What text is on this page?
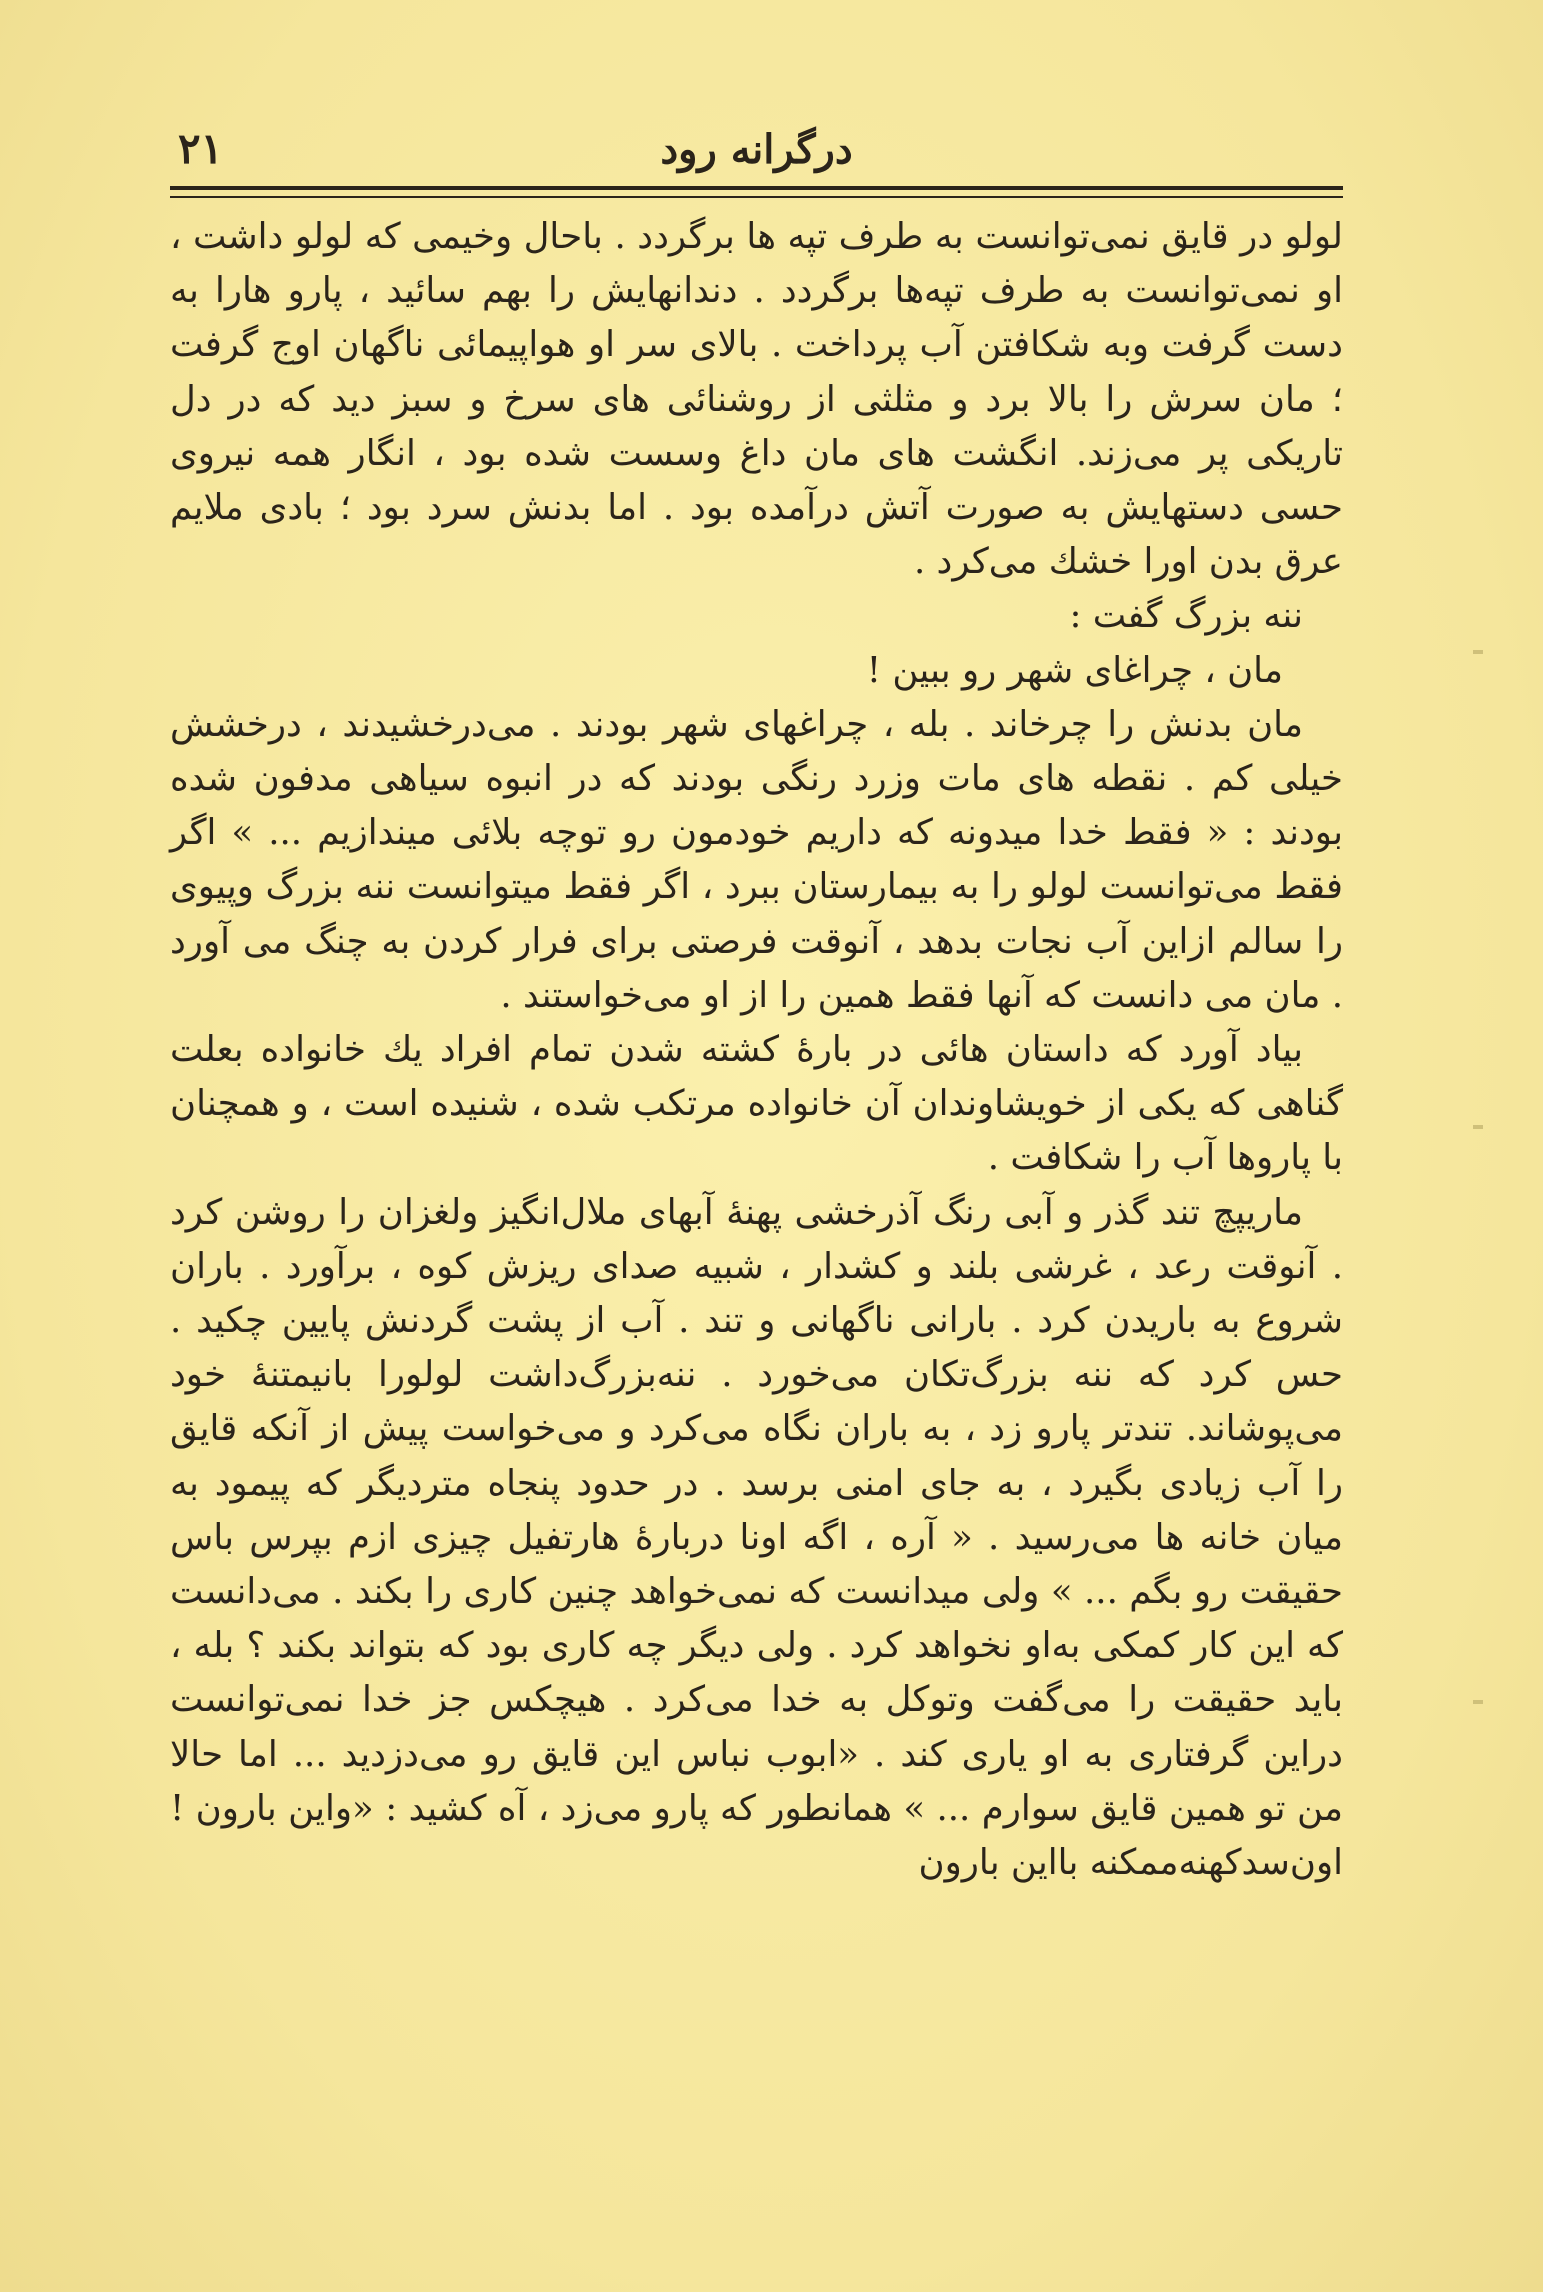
درگرانه رود
۲۱

لولو در قایق نمی‌توانست به طرف تپه ها برگردد . باحال وخیمی که لولو داشت ، او نمی‌توانست به طرف تپه‌ها برگردد . دندانهایش را بهم سائید ، پارو هارا به دست گرفت وبه شکافتن آب پرداخت . بالای سر او هواپیمائی ناگهان اوج گرفت ؛ مان سرش را بالا برد و مثلثی از روشنائی های سرخ و سبز دید که در دل تاریکی پر می‌زند. انگشت های مان داغ وسست شده بود ، انگار همه نیروی حسی دستهایش به صورت آتش درآمده بود . اما بدنش سرد بود ؛ بادی ملایم عرق بدن اورا خشك می‌كرد .

ننه بزرگ گفت :

مان ، چراغای شهر رو ببین !

مان بدنش را چرخاند . بله ، چراغهای شهر بودند . می‌درخشیدند ، درخشش خیلی کم . نقطه های مات وزرد رنگی بودند که در انبوه سیاهی مدفون شده بودند : « فقط خدا میدونه که داریم خودمون رو توچه بلائی میندازیم ... » اگر فقط می‌توانست لولو را به بیمارستان ببرد ، اگر فقط میتوانست ننه بزرگ وپیوی را سالم ازاین آب نجات بدهد ، آنوقت فرصتی برای فرار کردن به چنگ می آورد . مان می دانست که آنها فقط همین را از او می‌خواستند .

بیاد آورد که داستان هائی در بارهٔ کشته شدن تمام افراد يك خانواده بعلت گناهی که یکی از خویشاوندان آن خانواده مرتکب شده ، شنیده است ، و همچنان با پاروها آب را شکافت .

ماریپچ تند گذر و آبی رنگ آذرخشی پهنهٔ آبهای ملال‌انگیز ولغزان را روشن کرد . آنوقت رعد ، غرشی بلند و کشدار ، شبیه صدای ریزش کوه ، برآورد . باران شروع به باریدن کرد . بارانی ناگهانی و تند . آب از پشت گردنش پایین چکید . حس کرد که ننه بزرگ‌تکان می‌خورد . ننه‌بزرگ‌داشت لولورا بانیمتنهٔ خود می‌پوشاند. تندتر پارو زد ، به باران نگاه می‌کرد و می‌خواست پیش از آنکه قایق را آب زیادی بگیرد ، به جای امنی برسد . در حدود پنجاه متردیگر که پیمود به میان خانه ها می‌رسید . « آره ، اگه اونا دربارهٔ هارتفیل چیزی ازم بپرس باس حقیقت رو بگم ... » ولی میدانست که نمی‌خواهد چنین کاری را بکند . می‌دانست که این کار کمکی به‌او نخواهد کرد . ولی دیگر چه کاری بود که بتواند بکند ؟ بله ، باید حقیقت را می‌گفت وتوکل به خدا می‌کرد . هیچکس جز خدا نمی‌توانست دراین گرفتاری به او یاری کند . «ابوب نباس این قایق رو می‌دزدید ... اما حالا من تو همین قایق سوارم ... » همانطور که پارو می‌زد ، آه کشید : «واین بارون ! اون‌سدکهنه‌ممکنه بااین بارون
